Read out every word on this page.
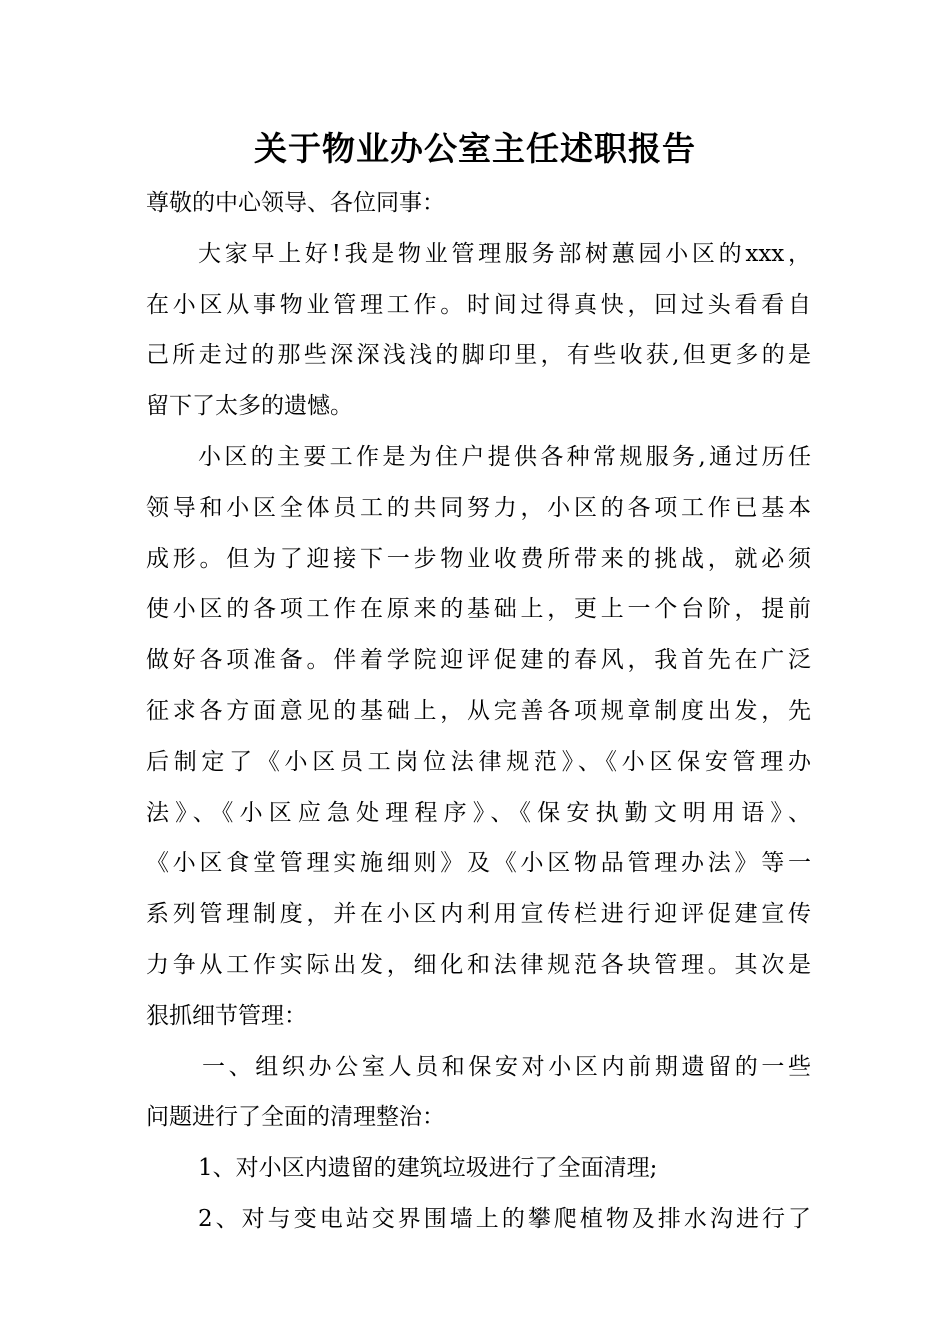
关于物业办公室主任述职报告
尊敬的中心领导、各位同事：
大家早上好!我是物业管理服务部树蕙园小区的xxx，
在小区从事物业管理工作。时间过得真快，回过头看看自
己所走过的那些深深浅浅的脚印里，有些收获,但更多的是
留下了太多的遗憾。
小区的主要工作是为住户提供各种常规服务,通过历任
领导和小区全体员工的共同努力，小区的各项工作已基本
成形。但为了迎接下一步物业收费所带来的挑战，就必须
使小区的各项工作在原来的基础上，更上一个台阶，提前
做好各项准备。伴着学院迎评促建的春风，我首先在广泛
征求各方面意见的基础上，从完善各项规章制度出发，先
后制定了《小区员工岗位法律规范》、《小区保安管理办
法》、《小区应急处理程序》、《保安执勤文明用语》、
《小区食堂管理实施细则》及《小区物品管理办法》等一
系列管理制度，并在小区内利用宣传栏进行迎评促建宣传
力争从工作实际出发，细化和法律规范各块管理。其次是
狠抓细节管理：
一、组织办公室人员和保安对小区内前期遗留的一些
问题进行了全面的清理整治：
1、对小区内遗留的建筑垃圾进行了全面清理;
2、对与变电站交界围墙上的攀爬植物及排水沟进行了
